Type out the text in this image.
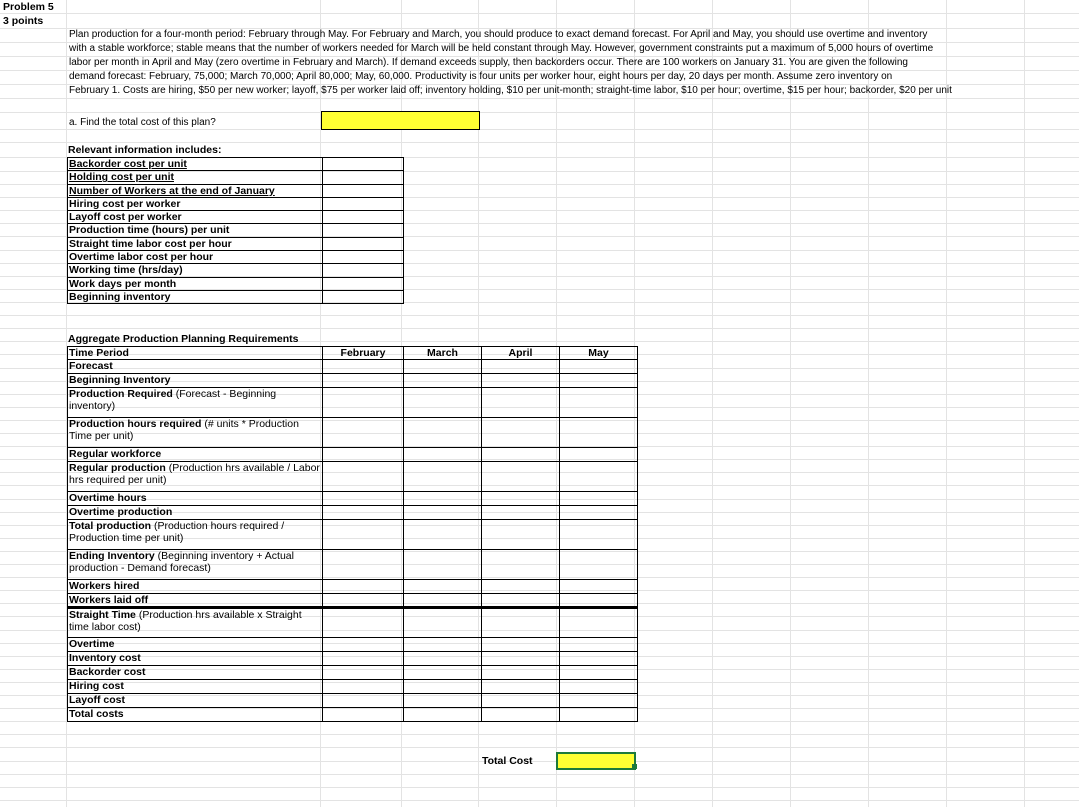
Problem 5
3 points
Plan production for a four-month period: February through May. For February and March, you should produce to exact demand forecast. For April and May, you should use overtime and inventory
with a stable workforce; stable means that the number of workers needed for March will be held constant through May. However, government constraints put a maximum of 5,000 hours of overtime
labor per month in April and May (zero overtime in February and March). If demand exceeds supply, then backorders occur. There are 100 workers on January 31. You are given the following
demand forecast: February, 75,000; March 70,000; April 80,000; May, 60,000. Productivity is four units per worker hour, eight hours per day, 20 days per month. Assume zero inventory on
February 1. Costs are hiring, $50 per new worker; layoff, $75 per worker laid off; inventory holding, $10 per unit-month; straight-time labor, $10 per hour; overtime, $15 per hour; backorder, $20 per unit
a. Find the total cost of this plan?
Relevant information includes:
Backorder cost per unit	
Holding cost per unit	
Number of Workers at the end of January	
Hiring cost per worker	
Layoff cost per worker	
Production time (hours) per unit	
Straight time labor cost per hour	
Overtime labor cost per hour	
Working time (hrs/day)	
Work days per month	
Beginning inventory	
Aggregate Production Planning Requirements
Time Period	February	March	April	May
Forecast				
Beginning Inventory				
Production Required (Forecast - Beginning inventory)				
Production hours required (# units * Production Time per unit)				
Regular workforce				
Regular production (Production hrs available / Labor hrs required per unit)				
Overtime hours				
Overtime production				
Total production (Production hours required / Production time per unit)				
Ending Inventory (Beginning inventory + Actual production - Demand forecast)				
Workers hired				
Workers laid off				
Straight Time (Production hrs available x Straight time labor cost)				
Overtime				
Inventory cost				
Backorder cost				
Hiring cost				
Layoff cost				
Total costs				
Total Cost
